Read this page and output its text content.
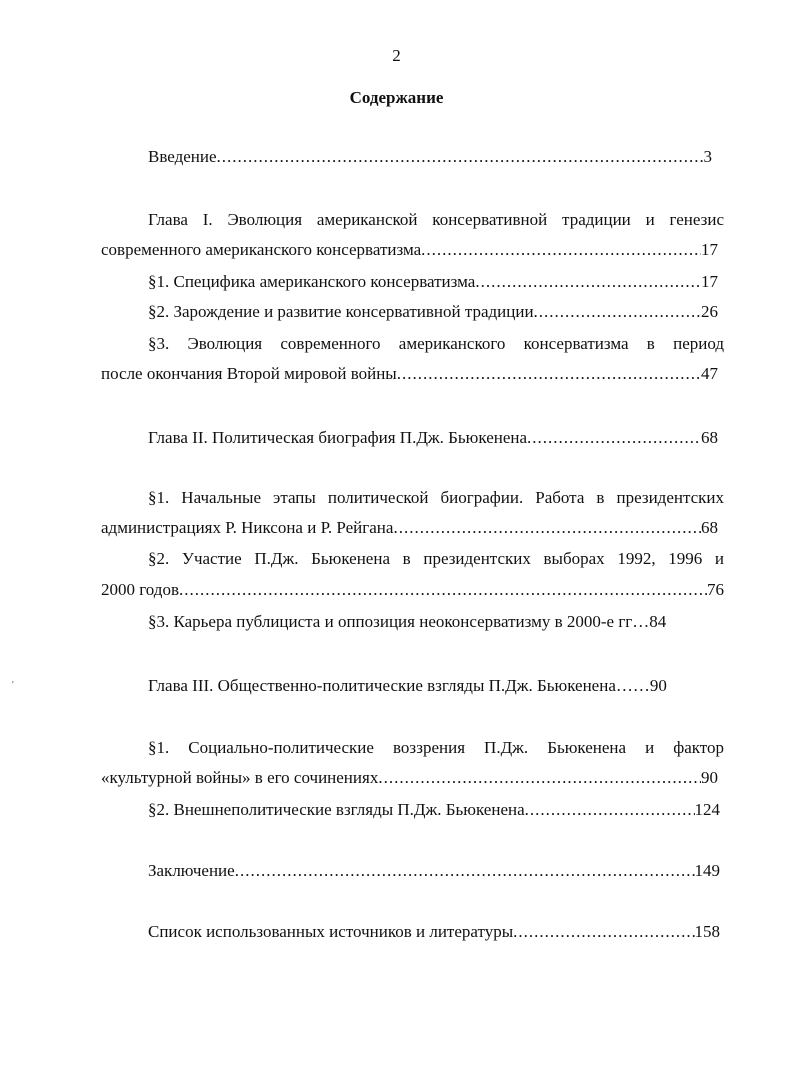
2
Содержание
Введение .....	3
Глава I. Эволюция американской консервативной традиции и генезис
современного американского консерватизма .....	17
§1. Специфика американского консерватизма .....	17
§2. Зарождение и развитие консервативной традиции .....	26
§3. Эволюция современного американского консерватизма в период
после окончания Второй мировой войны .....	47
Глава II. Политическая биография П.Дж. Бьюкенена .....	68
§1. Начальные этапы политической биографии. Работа в президентских
администрациях Р. Никсона и Р. Рейгана .....	68
§2. Участие П.Дж. Бьюкенена в президентских выборах 1992, 1996 и
2000 годов .....	76
§3. Карьера публициста и оппозиция неоконсерватизму в 2000-е гг…84
'	Глава III. Общественно-политические взгляды П.Дж. Бьюкенена……90
§1. Социально-политические воззрения П.Дж. Бьюкенена и фактор
«культурной войны» в его сочинениях .....	90
§2. Внешнеполитические взгляды П.Дж. Бьюкенена .....	124
Заключение .....	149
Список использованных источников и литературы .....	158
